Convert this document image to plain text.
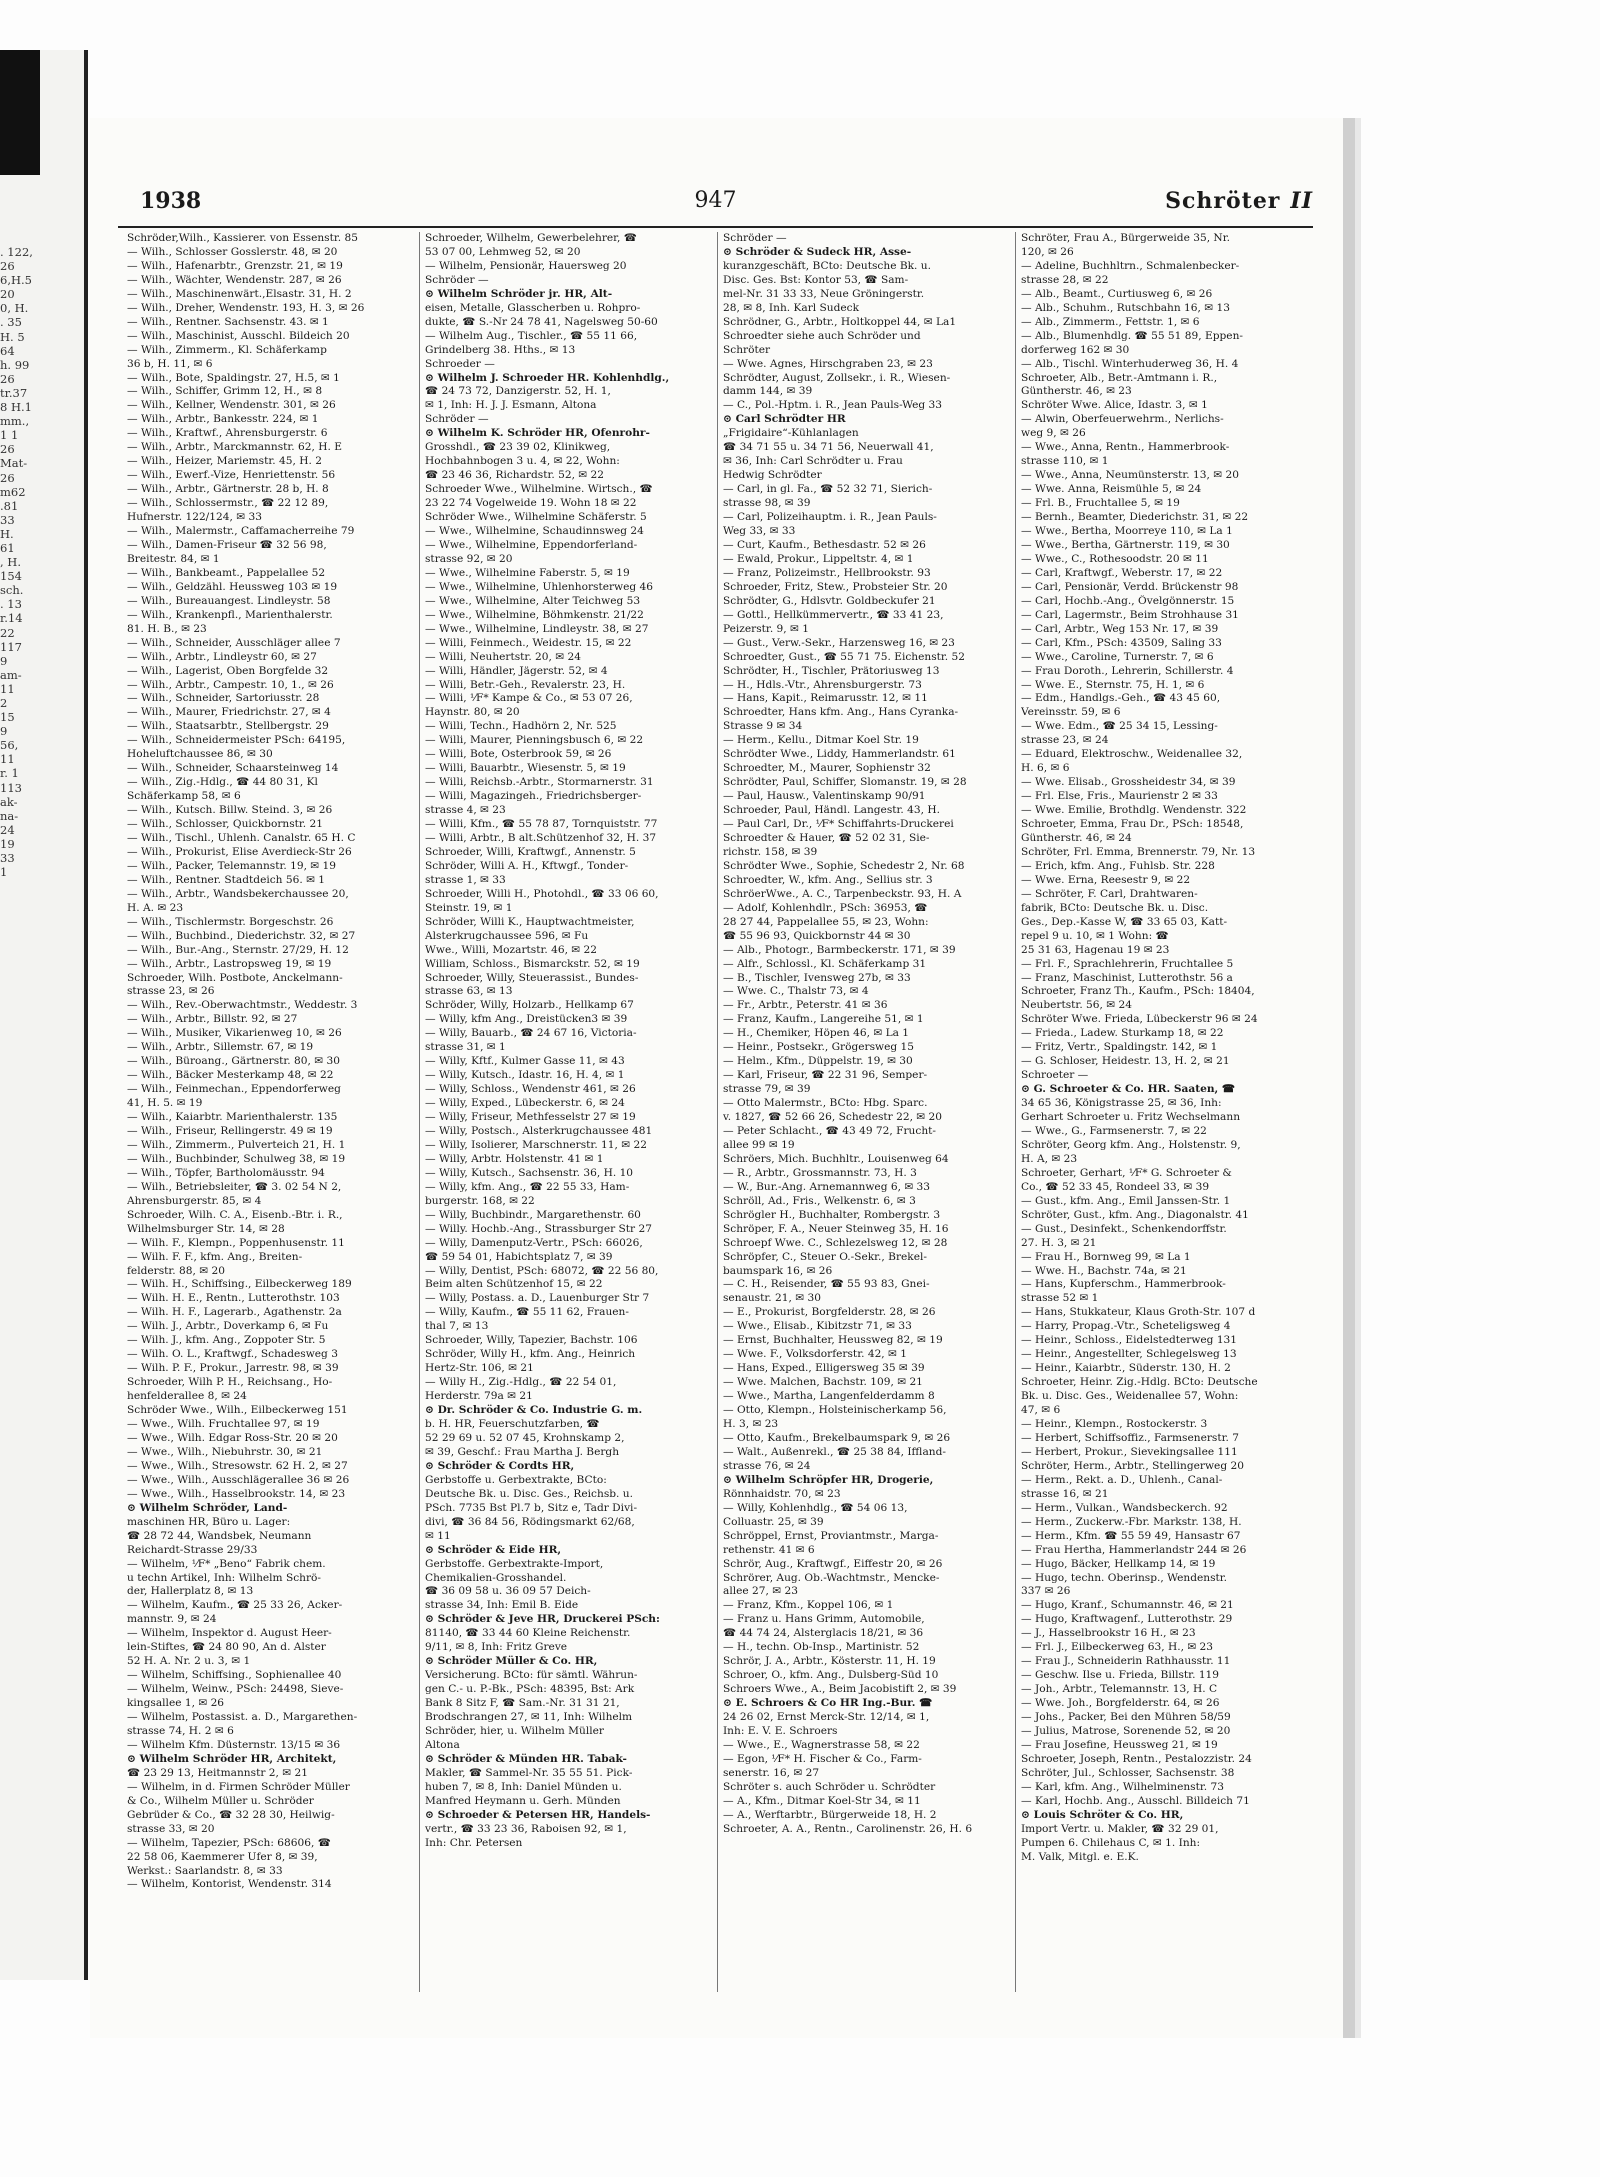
. 122,
26
6,H.5
20
0, H.
. 35
H. 5
64
h. 99
26
tr.37
8 H.1
mm.,
1 1
26
Mat-
26
m62
.81
33
H.
61
, H.
154
sch.
. 13
r.14
22
117
9
am-
11
2
15
9
56,
11
r. 1
113
ak-
na-
24
19
33
1
1938	947	Schröter II
Schröder,Wilh., Kassierer. von Essenstr. 85
— Wilh., Schlosser Gosslerstr. 48, ✉ 20
— Wilh., Hafenarbtr., Grenzstr. 21, ✉ 19
— Wilh., Wächter, Wendenstr. 287, ✉ 26
— Wilh., Maschinenwärt.,Elsastr. 31, H. 2
— Wilh., Dreher, Wendenstr. 193, H. 3, ✉ 26
— Wilh., Rentner. Sachsenstr. 43. ✉ 1
— Wilh., Maschinist, Ausschl. Bildeich 20
— Wilh., Zimmerm., Kl. Schäferkamp
36 b, H. 11, ✉ 6
— Wilh., Bote, Spaldingstr. 27, H.5, ✉ 1
— Wilh., Schiffer, Grimm 12, H., ✉ 8
— Wilh., Kellner, Wendenstr. 301, ✉ 26
— Wilh., Arbtr., Bankesstr. 224, ✉ 1
— Wilh., Kraftwf., Ahrensburgerstr. 6
— Wilh., Arbtr., Marckmannstr. 62, H. E
— Wilh., Heizer, Mariemstr. 45, H. 2
— Wilh., Ewerf.-Vize, Henriettenstr. 56
— Wilh., Arbtr., Gärtnerstr. 28 b, H. 8
— Wilh., Schlossermstr., ☎ 22 12 89,
Hufnerstr. 122/124, ✉ 33
— Wilh., Malermstr., Caffamacherreihe 79
— Wilh., Damen-Friseur ☎ 32 56 98,
Breitestr. 84, ✉ 1
— Wilh., Bankbeamt., Pappelallee 52
— Wilh., Geldzähl. Heussweg 103 ✉ 19
— Wilh., Bureauangest. Lindleystr. 58
— Wilh., Krankenpfl., Marienthalerstr.
81. H. B., ✉ 23
— Wilh., Schneider, Ausschläger allee 7
— Wilh., Arbtr., Lindleystr 60, ✉ 27
— Wilh., Lagerist, Oben Borgfelde 32
— Wilh., Arbtr., Campestr. 10, 1., ✉ 26
— Wilh., Schneider, Sartoriusstr. 28
— Wilh., Maurer, Friedrichstr. 27, ✉ 4
— Wilh., Staatsarbtr., Stellbergstr. 29
— Wilh., Schneidermeister PSch: 64195,
Hoheluftchaussee 86, ✉ 30
— Wilh., Schneider, Schaarsteinweg 14
— Wilh., Zig.-Hdlg., ☎ 44 80 31, Kl
Schäferkamp 58, ✉ 6
— Wilh., Kutsch. Billw. Steind. 3, ✉ 26
— Wilh., Schlosser, Quickbornstr. 21
— Wilh., Tischl., Uhlenh. Canalstr. 65 H. C
— Wilh., Prokurist, Elise Averdieck-Str 26
— Wilh., Packer, Telemannstr. 19, ✉ 19
— Wilh., Rentner. Stadtdeich 56. ✉ 1
— Wilh., Arbtr., Wandsbekerchaussee 20,
H. A. ✉ 23
— Wilh., Tischlermstr. Borgeschstr. 26
— Wilh., Buchbind., Diederichstr. 32, ✉ 27
— Wilh., Bur.-Ang., Sternstr. 27/29, H. 12
— Wilh., Arbtr., Lastropsweg 19, ✉ 19
Schroeder, Wilh. Postbote, Anckelmann-
strasse 23, ✉ 26
— Wilh., Rev.-Oberwachtmstr., Weddestr. 3
— Wilh., Arbtr., Billstr. 92, ✉ 27
— Wilh., Musiker, Vikarienweg 10, ✉ 26
— Wilh., Arbtr., Sillemstr. 67, ✉ 19
— Wilh., Büroang., Gärtnerstr. 80, ✉ 30
— Wilh., Bäcker Mesterkamp 48, ✉ 22
— Wilh., Feinmechan., Eppendorferweg
41, H. 5. ✉ 19
— Wilh., Kaiarbtr. Marienthalerstr. 135
— Wilh., Friseur, Rellingerstr. 49 ✉ 19
— Wilh., Zimmerm., Pulverteich 21, H. 1
— Wilh., Buchbinder, Schulweg 38, ✉ 19
— Wilh., Töpfer, Bartholomäusstr. 94
— Wilh., Betriebsleiter, ☎ 3. 02 54 N 2,
Ahrensburgerstr. 85, ✉ 4
Schroeder, Wilh. C. A., Eisenb.-Btr. i. R.,
Wilhelmsburger Str. 14, ✉ 28
— Wilh. F., Klempn., Poppenhusenstr. 11
— Wilh. F. F., kfm. Ang., Breiten-
felderstr. 88, ✉ 20
— Wilh. H., Schiffsing., Eilbeckerweg 189
— Wilh. H. E., Rentn., Lutterothstr. 103
— Wilh. H. F., Lagerarb., Agathenstr. 2a
— Wilh. J., Arbtr., Doverkamp 6, ✉ Fu
— Wilh. J., kfm. Ang., Zoppoter Str. 5
— Wilh. O. L., Kraftwgf., Schadesweg 3
— Wilh. P. F., Prokur., Jarrestr. 98, ✉ 39
Schroeder, Wilh P. H., Reichsang., Ho-
henfelderallee 8, ✉ 24
Schröder Wwe., Wilh., Eilbeckerweg 151
— Wwe., Wilh. Fruchtallee 97, ✉ 19
— Wwe., Wilh. Edgar Ross-Str. 20 ✉ 20
— Wwe., Wilh., Niebuhrstr. 30, ✉ 21
— Wwe., Wilh., Stresowstr. 62 H. 2, ✉ 27
— Wwe., Wilh., Ausschlägerallee 36 ✉ 26
— Wwe., Wilh., Hasselbrookstr. 14, ✉ 23
⊙ Wilhelm Schröder, Land-
maschinen HR, Büro u. Lager:
☎ 28 72 44, Wandsbek, Neumann
Reichardt-Strasse 29/33
— Wilhelm, ⅟F* „Beno“ Fabrik chem.
u techn Artikel, Inh: Wilhelm Schrö-
der, Hallerplatz 8, ✉ 13
— Wilhelm, Kaufm., ☎ 25 33 26, Acker-
mannstr. 9, ✉ 24
— Wilhelm, Inspektor d. August Heer-
lein-Stiftes, ☎ 24 80 90, An d. Alster
52 H. A. Nr. 2 u. 3, ✉ 1
— Wilhelm, Schiffsing., Sophienallee 40
— Wilhelm, Weinw., PSch: 24498, Sieve-
kingsallee 1, ✉ 26
— Wilhelm, Postassist. a. D., Margarethen-
strasse 74, H. 2 ✉ 6
— Wilhelm Kfm. Düsternstr. 13/15 ✉ 36
⊙ Wilhelm Schröder HR, Architekt,
☎ 23 29 13, Heitmannstr 2, ✉ 21
— Wilhelm, in d. Firmen Schröder Müller
& Co., Wilhelm Müller u. Schröder
Gebrüder & Co., ☎ 32 28 30, Heilwig-
strasse 33, ✉ 20
— Wilhelm, Tapezier, PSch: 68606, ☎
22 58 06, Kaemmerer Ufer 8, ✉ 39,
Werkst.: Saarlandstr. 8, ✉ 33
— Wilhelm, Kontorist, Wendenstr. 314
Schroeder, Wilhelm, Gewerbelehrer, ☎
53 07 00, Lehmweg 52, ✉ 20
— Wilhelm, Pensionär, Hauersweg 20
Schröder —
⊙ Wilhelm Schröder jr. HR, Alt-
eisen, Metalle, Glasscherben u. Rohpro-
dukte, ☎ S.-Nr 24 78 41, Nagelsweg 50-60
— Wilhelm Aug., Tischler., ☎ 55 11 66,
Grindelberg 38. Hths., ✉ 13
Schroeder —
⊙ Wilhelm J. Schroeder HR. Kohlenhdlg.,
☎ 24 73 72, Danzigerstr. 52, H. 1,
✉ 1, Inh: H. J. J. Esmann, Altona
Schröder —
⊙ Wilhelm K. Schröder HR, Ofenrohr-
Grosshdl., ☎ 23 39 02, Klinikweg,
Hochbahnbogen 3 u. 4, ✉ 22, Wohn:
☎ 23 46 36, Richardstr. 52, ✉ 22
Schroeder Wwe., Wilhelmine. Wirtsch., ☎
23 22 74 Vogelweide 19. Wohn 18 ✉ 22
Schröder Wwe., Wilhelmine Schäferstr. 5
— Wwe., Wilhelmine, Schaudinnsweg 24
— Wwe., Wilhelmine, Eppendorferland-
strasse 92, ✉ 20
— Wwe., Wilhelmine Faberstr. 5, ✉ 19
— Wwe., Wilhelmine, Uhlenhorsterweg 46
— Wwe., Wilhelmine, Alter Teichweg 53
— Wwe., Wilhelmine, Böhmkenstr. 21/22
— Wwe., Wilhelmine, Lindleystr. 38, ✉ 27
— Willi, Feinmech., Weidestr. 15, ✉ 22
— Willi, Neuhertstr. 20, ✉ 24
— Willi, Händler, Jägerstr. 52, ✉ 4
— Willi, Betr.-Geh., Revalerstr. 23, H.
— Willi, ⅟F* Kampe & Co., ✉ 53 07 26,
Haynstr. 80, ✉ 20
— Willi, Techn., Hadhörn 2, Nr. 525
— Willi, Maurer, Pienningsbusch 6, ✉ 22
— Willi, Bote, Osterbrook 59, ✉ 26
— Willi, Bauarbtr., Wiesenstr. 5, ✉ 19
— Willi, Reichsb.-Arbtr., Stormarnerstr. 31
— Willi, Magazingeh., Friedrichsberger-
strasse 4, ✉ 23
— Willi, Kfm., ☎ 55 78 87, Tornquiststr. 77
— Willi, Arbtr., B alt.Schützenhof 32, H. 37
Schroeder, Willi, Kraftwgf., Annenstr. 5
Schröder, Willi A. H., Kftwgf., Tonder-
strasse 1, ✉ 33
Schroeder, Willi H., Photohdl., ☎ 33 06 60,
Steinstr. 19, ✉ 1
Schröder, Willi K., Hauptwachtmeister,
Alsterkrugchaussee 596, ✉ Fu
Wwe., Willi, Mozartstr. 46, ✉ 22
William, Schloss., Bismarckstr. 52, ✉ 19
Schroeder, Willy, Steuerassist., Bundes-
strasse 63, ✉ 13
Schröder, Willy, Holzarb., Hellkamp 67
— Willy, kfm Ang., Dreistücken3 ✉ 39
— Willy, Bauarb., ☎ 24 67 16, Victoria-
strasse 31, ✉ 1
— Willy, Kftf., Kulmer Gasse 11, ✉ 43
— Willy, Kutsch., Idastr. 16, H. 4, ✉ 1
— Willy, Schloss., Wendenstr 461, ✉ 26
— Willy, Exped., Lübeckerstr. 6, ✉ 24
— Willy, Friseur, Methfesselstr 27 ✉ 19
— Willy, Postsch., Alsterkrugchaussee 481
— Willy, Isolierer, Marschnerstr. 11, ✉ 22
— Willy, Arbtr. Holstenstr. 41 ✉ 1
— Willy, Kutsch., Sachsenstr. 36, H. 10
— Willy, kfm. Ang., ☎ 22 55 33, Ham-
burgerstr. 168, ✉ 22
— Willy, Buchbindr., Margarethenstr. 60
— Willy. Hochb.-Ang., Strassburger Str 27
— Willy, Damenputz-Vertr., PSch: 66026,
☎ 59 54 01, Habichtsplatz 7, ✉ 39
— Willy, Dentist, PSch: 68072, ☎ 22 56 80,
Beim alten Schützenhof 15, ✉ 22
— Willy, Postass. a. D., Lauenburger Str 7
— Willy, Kaufm., ☎ 55 11 62, Frauen-
thal 7, ✉ 13
Schroeder, Willy, Tapezier, Bachstr. 106
Schröder, Willy H., kfm. Ang., Heinrich
Hertz-Str. 106, ✉ 21
— Willy H., Zig.-Hdlg., ☎ 22 54 01,
Herderstr. 79a ✉ 21
⊙ Dr. Schröder & Co. Industrie G. m.
b. H. HR, Feuerschutzfarben, ☎
52 29 69 u. 52 07 45, Krohnskamp 2,
✉ 39, Geschf.: Frau Martha J. Bergh
⊙ Schröder & Cordts HR,
Gerbstoffe u. Gerbextrakte, BCto:
Deutsche Bk. u. Disc. Ges., Reichsb. u.
PSch. 7735 Bst Pl.7 b, Sitz e, Tadr Divi-
divi, ☎ 36 84 56, Rödingsmarkt 62/68,
✉ 11
⊙ Schröder & Eide HR,
Gerbstoffe. Gerbextrakte-Import,
Chemikalien-Grosshandel.
☎ 36 09 58 u. 36 09 57 Deich-
strasse 34, Inh: Emil B. Eide
⊙ Schröder & Jeve HR, Druckerei PSch:
81140, ☎ 33 44 60 Kleine Reichenstr.
9/11, ✉ 8, Inh: Fritz Greve
⊙ Schröder Müller & Co. HR,
Versicherung. BCto: für sämtl. Währun-
gen C.- u. P.-Bk., PSch: 48395, Bst: Ark
Bank 8 Sitz F, ☎ Sam.-Nr. 31 31 21,
Brodschrangen 27, ✉ 11, Inh: Wilhelm
Schröder, hier, u. Wilhelm Müller
Altona
⊙ Schröder & Münden HR. Tabak-
Makler, ☎ Sammel-Nr. 35 55 51. Pick-
huben 7, ✉ 8, Inh: Daniel Münden u.
Manfred Heymann u. Gerh. Münden
⊙ Schroeder & Petersen HR, Handels-
vertr., ☎ 33 23 36, Raboisen 92, ✉ 1,
Inh: Chr. Petersen
Schröder —
⊙ Schröder & Sudeck HR, Asse-
kuranzgeschäft, BCto: Deutsche Bk. u.
Disc. Ges. Bst: Kontor 53, ☎ Sam-
mel-Nr. 31 33 33, Neue Gröningerstr.
28, ✉ 8, Inh. Karl Sudeck
Schrödner, G., Arbtr., Holtkoppel 44, ✉ La1
Schroedter siehe auch Schröder und
Schröter
— Wwe. Agnes, Hirschgraben 23, ✉ 23
Schrödter, August, Zollsekr., i. R., Wiesen-
damm 144, ✉ 39
— C., Pol.-Hptm. i. R., Jean Pauls-Weg 33
⊙ Carl Schrödter HR
„Frigidaire“-Kühlanlagen
☎ 34 71 55 u. 34 71 56, Neuerwall 41,
✉ 36, Inh: Carl Schrödter u. Frau
Hedwig Schrödter
— Carl, in gl. Fa., ☎ 52 32 71, Sierich-
strasse 98, ✉ 39
— Carl, Polizeihauptm. i. R., Jean Pauls-
Weg 33, ✉ 33
— Curt, Kaufm., Bethesdastr. 52 ✉ 26
— Ewald, Prokur., Lippeltstr. 4, ✉ 1
— Franz, Polizeimstr., Hellbrookstr. 93
Schroeder, Fritz, Stew., Probsteier Str. 20
Schrödter, G., Hdlsvtr. Goldbeckufer 21
— Gottl., Hellkümmervertr., ☎ 33 41 23,
Peizerstr. 9, ✉ 1
— Gust., Verw.-Sekr., Harzensweg 16, ✉ 23
Schroedter, Gust., ☎ 55 71 75. Eichenstr. 52
Schrödter, H., Tischler, Prätoriusweg 13
— H., Hdls.-Vtr., Ahrensburgerstr. 73
— Hans, Kapit., Reimarusstr. 12, ✉ 11
Schroedter, Hans kfm. Ang., Hans Cyranka-
Strasse 9 ✉ 34
— Herm., Kellu., Ditmar Koel Str. 19
Schrödter Wwe., Liddy, Hammerlandstr. 61
Schroedter, M., Maurer, Sophienstr 32
Schrödter, Paul, Schiffer, Slomanstr. 19, ✉ 28
— Paul, Hausw., Valentinskamp 90/91
Schroeder, Paul, Händl. Langestr. 43, H.
— Paul Carl, Dr., ⅟F* Schiffahrts-Druckerei
Schroedter & Hauer, ☎ 52 02 31, Sie-
richstr. 158, ✉ 39
Schrödter Wwe., Sophie, Schedestr 2, Nr. 68
Schroedter, W., kfm. Ang., Sellius str. 3
SchröerWwe., A. C., Tarpenbeckstr. 93, H. A
— Adolf, Kohlenhdlr., PSch: 36953, ☎
28 27 44, Pappelallee 55, ✉ 23, Wohn:
☎ 55 96 93, Quickbornstr 44 ✉ 30
— Alb., Photogr., Barmbeckerstr. 171, ✉ 39
— Alfr., Schlossl., Kl. Schäferkamp 31
— B., Tischler, Ivensweg 27b, ✉ 33
— Wwe. C., Thalstr 73, ✉ 4
— Fr., Arbtr., Peterstr. 41 ✉ 36
— Franz, Kaufm., Langereihe 51, ✉ 1
— H., Chemiker, Höpen 46, ✉ La 1
— Heinr., Postsekr., Grögersweg 15
— Helm., Kfm., Düppelstr. 19, ✉ 30
— Karl, Friseur, ☎ 22 31 96, Semper-
strasse 79, ✉ 39
— Otto Malermstr., BCto: Hbg. Sparc.
v. 1827, ☎ 52 66 26, Schedestr 22, ✉ 20
— Peter Schlacht., ☎ 43 49 72, Frucht-
allee 99 ✉ 19
Schröers, Mich. Buchhltr., Louisenweg 64
— R., Arbtr., Grossmannstr. 73, H. 3
— W., Bur.-Ang. Arnemannweg 6, ✉ 33
Schröll, Ad., Fris., Welkenstr. 6, ✉ 3
Schrögler H., Buchhalter, Rombergstr. 3
Schröper, F. A., Neuer Steinweg 35, H. 16
Schroepf Wwe. C., Schlezelsweg 12, ✉ 28
Schröpfer, C., Steuer O.-Sekr., Brekel-
baumspark 16, ✉ 26
— C. H., Reisender, ☎ 55 93 83, Gnei-
senaustr. 21, ✉ 30
— E., Prokurist, Borgfelderstr. 28, ✉ 26
— Wwe., Elisab., Kibitzstr 71, ✉ 33
— Ernst, Buchhalter, Heussweg 82, ✉ 19
— Wwe. F., Volksdorferstr. 42, ✉ 1
— Hans, Exped., Elligersweg 35 ✉ 39
— Wwe. Malchen, Bachstr. 109, ✉ 21
— Wwe., Martha, Langenfelderdamm 8
— Otto, Klempn., Holsteinischerkamp 56,
H. 3, ✉ 23
— Otto, Kaufm., Brekelbaumspark 9, ✉ 26
— Walt., Außenrekl., ☎ 25 38 84, Iffland-
strasse 76, ✉ 24
⊙ Wilhelm Schröpfer HR, Drogerie,
Rönnhaidstr. 70, ✉ 23
— Willy, Kohlenhdlg., ☎ 54 06 13,
Colluastr. 25, ✉ 39
Schröppel, Ernst, Proviantmstr., Marga-
rethenstr. 41 ✉ 6
Schrör, Aug., Kraftwgf., Eiffestr 20, ✉ 26
Schrörer, Aug. Ob.-Wachtmstr., Mencke-
allee 27, ✉ 23
— Franz, Kfm., Koppel 106, ✉ 1
— Franz u. Hans Grimm, Automobile,
☎ 44 74 24, Alsterglacis 18/21, ✉ 36
— H., techn. Ob-Insp., Martinistr. 52
Schrör, J. A., Arbtr., Kösterstr. 11, H. 19
Schroer, O., kfm. Ang., Dulsberg-Süd 10
Schroers Wwe., A., Beim Jacobistift 2, ✉ 39
⊙ E. Schroers & Co HR Ing.-Bur. ☎
24 26 02, Ernst Merck-Str. 12/14, ✉ 1,
Inh: E. V. E. Schroers
— Wwe., E., Wagnerstrasse 58, ✉ 22
— Egon, ⅟F* H. Fischer & Co., Farm-
senerstr. 16, ✉ 27
Schröter s. auch Schröder u. Schrödter
— A., Kfm., Ditmar Koel-Str 34, ✉ 11
— A., Werftarbtr., Bürgerweide 18, H. 2
Schroeter, A. A., Rentn., Carolinenstr. 26, H. 6
Schröter, Frau A., Bürgerweide 35, Nr.
120, ✉ 26
— Adeline, Buchhltrn., Schmalenbecker-
strasse 28, ✉ 22
— Alb., Beamt., Curtiusweg 6, ✉ 26
— Alb., Schuhm., Rutschbahn 16, ✉ 13
— Alb., Zimmerm., Fettstr. 1, ✉ 6
— Alb., Blumenhdlg. ☎ 55 51 89, Eppen-
dorferweg 162 ✉ 30
— Alb., Tischl. Winterhuderweg 36, H. 4
Schroeter, Alb., Betr.-Amtmann i. R.,
Güntherstr. 46, ✉ 23
Schröter Wwe. Alice, Idastr. 3, ✉ 1
— Alwin, Oberfeuerwehrm., Nerlichs-
weg 9, ✉ 26
— Wwe., Anna, Rentn., Hammerbrook-
strasse 110, ✉ 1
— Wwe., Anna, Neumünsterstr. 13, ✉ 20
— Wwe. Anna, Reismühle 5, ✉ 24
— Frl. B., Fruchtallee 5, ✉ 19
— Bernh., Beamter, Diederichstr. 31, ✉ 22
— Wwe., Bertha, Moorreye 110, ✉ La 1
— Wwe., Bertha, Gärtnerstr. 119, ✉ 30
— Wwe., C., Rothesoodstr. 20 ✉ 11
— Carl, Kraftwgf., Weberstr. 17, ✉ 22
— Carl, Pensionär, Verdd. Brückenstr 98
— Carl, Hochb.-Ang., Övelgönnerstr. 15
— Carl, Lagermstr., Beim Strohhause 31
— Carl, Arbtr., Weg 153 Nr. 17, ✉ 39
— Carl, Kfm., PSch: 43509, Saling 33
— Wwe., Caroline, Turnerstr. 7, ✉ 6
— Frau Doroth., Lehrerin, Schillerstr. 4
— Wwe. E., Sternstr. 75, H. 1, ✉ 6
— Edm., Handlgs.-Geh., ☎ 43 45 60,
Vereinsstr. 59, ✉ 6
— Wwe. Edm., ☎ 25 34 15, Lessing-
strasse 23, ✉ 24
— Eduard, Elektroschw., Weidenallee 32,
H. 6, ✉ 6
— Wwe. Elisab., Grossheidestr 34, ✉ 39
— Frl. Else, Fris., Maurienstr 2 ✉ 33
— Wwe. Emilie, Brothdlg. Wendenstr. 322
Schroeter, Emma, Frau Dr., PSch: 18548,
Güntherstr. 46, ✉ 24
Schröter, Frl. Emma, Brennerstr. 79, Nr. 13
— Erich, kfm. Ang., Fuhlsb. Str. 228
— Wwe. Erna, Reesestr 9, ✉ 22
— Schröter, F. Carl, Drahtwaren-
fabrik, BCto: Deutsche Bk. u. Disc.
Ges., Dep.-Kasse W, ☎ 33 65 03, Katt-
repel 9 u. 10, ✉ 1 Wohn: ☎
25 31 63, Hagenau 19 ✉ 23
— Frl. F., Sprachlehrerin, Fruchtallee 5
— Franz, Maschinist, Lutterothstr. 56 a
Schroeter, Franz Th., Kaufm., PSch: 18404,
Neubertstr. 56, ✉ 24
Schröter Wwe. Frieda, Lübeckerstr 96 ✉ 24
— Frieda., Ladew. Sturkamp 18, ✉ 22
— Fritz, Vertr., Spaldingstr. 142, ✉ 1
— G. Schloser, Heidestr. 13, H. 2, ✉ 21
Schroeter —
⊙ G. Schroeter & Co. HR. Saaten, ☎
34 65 36, Königstrasse 25, ✉ 36, Inh:
Gerhart Schroeter u. Fritz Wechselmann
— Wwe., G., Farmsenerstr. 7, ✉ 22
Schröter, Georg kfm. Ang., Holstenstr. 9,
H. A, ✉ 23
Schroeter, Gerhart, ⅟F* G. Schroeter &
Co., ☎ 52 33 45, Rondeel 33, ✉ 39
— Gust., kfm. Ang., Emil Janssen-Str. 1
Schröter, Gust., kfm. Ang., Diagonalstr. 41
— Gust., Desinfekt., Schenkendorffstr.
27. H. 3, ✉ 21
— Frau H., Bornweg 99, ✉ La 1
— Wwe. H., Bachstr. 74a, ✉ 21
— Hans, Kupferschm., Hammerbrook-
strasse 52 ✉ 1
— Hans, Stukkateur, Klaus Groth-Str. 107 d
— Harry, Propag.-Vtr., Scheteligsweg 4
— Heinr., Schloss., Eidelstedterweg 131
— Heinr., Angestellter, Schlegelsweg 13
— Heinr., Kaiarbtr., Süderstr. 130, H. 2
Schroeter, Heinr. Zig.-Hdlg. BCto: Deutsche
Bk. u. Disc. Ges., Weidenallee 57, Wohn:
47, ✉ 6
— Heinr., Klempn., Rostockerstr. 3
— Herbert, Schiffsoffiz., Farmsenerstr. 7
— Herbert, Prokur., Sievekingsallee 111
Schröter, Herm., Arbtr., Stellingerweg 20
— Herm., Rekt. a. D., Uhlenh., Canal-
strasse 16, ✉ 21
— Herm., Vulkan., Wandsbeckerch. 92
— Herm., Zuckerw.-Fbr. Markstr. 138, H.
— Herm., Kfm. ☎ 55 59 49, Hansastr 67
— Frau Hertha, Hammerlandstr 244 ✉ 26
— Hugo, Bäcker, Hellkamp 14, ✉ 19
— Hugo, techn. Oberinsp., Wendenstr.
337 ✉ 26
— Hugo, Kranf., Schumannstr. 46, ✉ 21
— Hugo, Kraftwagenf., Lutterothstr. 29
— J., Hasselbrookstr 16 H., ✉ 23
— Frl. J., Eilbeckerweg 63, H., ✉ 23
— Frau J., Schneiderin Rathhausstr. 11
— Geschw. Ilse u. Frieda, Billstr. 119
— Joh., Arbtr., Telemannstr. 13, H. C
— Wwe. Joh., Borgfelderstr. 64, ✉ 26
— Johs., Packer, Bei den Mühren 58/59
— Julius, Matrose, Sorenende 52, ✉ 20
— Frau Josefine, Heussweg 21, ✉ 19
Schroeter, Joseph, Rentn., Pestalozzistr. 24
Schröter, Jul., Schlosser, Sachsenstr. 38
— Karl, kfm. Ang., Wilhelminenstr. 73
— Karl, Hochb. Ang., Ausschl. Billdeich 71
⊙ Louis Schröter & Co. HR,
Import Vertr. u. Makler, ☎ 32 29 01,
Pumpen 6. Chilehaus C, ✉ 1. Inh:
M. Valk, Mitgl. e. E.K.
